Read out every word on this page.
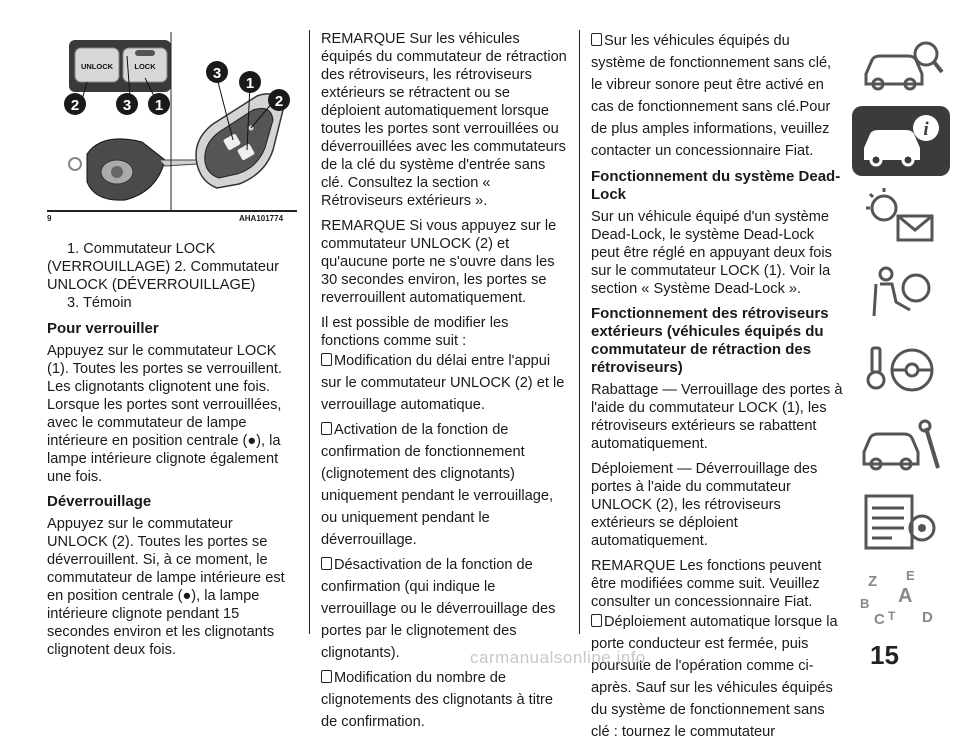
UNLOCK	LOCK
2	3 1
3
1
2
9	AHA101774

1. Commutateur LOCK
(VERROUILLAGE) 2. Commutateur
UNLOCK (DÉVERROUILLAGE)
3. Témoin

Pour verrouiller

Appuyez sur le commutateur LOCK (1). Toutes les portes se verrouillent. Les clignotants clignotent une fois. Lorsque les portes sont verrouillées, avec le commutateur de lampe intérieure en position centrale (●), la lampe intérieure clignote également une fois.

Déverrouillage

Appuyez sur le commutateur UNLOCK (2). Toutes les portes se déverrouillent. Si, à ce moment, le commutateur de lampe intérieure est en position centrale (●), la lampe intérieure clignote pendant 15 secondes environ et les clignotants clignotent deux fois.

REMARQUE Sur les véhicules équipés du commutateur de rétraction des rétroviseurs, les rétroviseurs extérieurs se rétractent ou se déploient automatiquement lorsque toutes les portes sont verrouillées ou déverrouillées avec les commutateurs de la clé du système d'entrée sans clé. Consultez la section « Rétroviseurs extérieurs ».

REMARQUE Si vous appuyez sur le commutateur UNLOCK (2) et qu'aucune porte ne s'ouvre dans les 30 secondes environ, les portes se reverrouillent automatiquement.

Il est possible de modifier les fonctions comme suit :

Modification du délai entre l'appui sur le commutateur UNLOCK (2) et le verrouillage automatique.
Activation de la fonction de confirmation de fonctionnement (clignotement des clignotants) uniquement pendant le verrouillage, ou uniquement pendant le déverrouillage.
Désactivation de la fonction de confirmation (qui indique le verrouillage ou le déverrouillage des portes par le clignotement des clignotants).
Modification du nombre de clignotements des clignotants à titre de confirmation.
Sur les véhicules équipés du système de fonctionnement sans clé, le vibreur sonore peut être activé en cas de fonctionnement sans clé.Pour de plus amples informations, veuillez contacter un concessionnaire Fiat.
Fonctionnement du système Dead-Lock

Sur un véhicule équipé d'un système Dead-Lock, le système Dead-Lock peut être réglé en appuyant deux fois sur le commutateur LOCK (1). Voir la section « Système Dead-Lock ».

Fonctionnement des rétroviseurs extérieurs (véhicules équipés du commutateur de rétraction des rétroviseurs)

Rabattage — Verrouillage des portes à l'aide du commutateur LOCK (1), les rétroviseurs extérieurs se rabattent automatiquement.

Déploiement — Déverrouillage des portes à l'aide du commutateur UNLOCK (2), les rétroviseurs extérieurs se déploient automatiquement.

REMARQUE Les fonctions peuvent être modifiées comme suit. Veuillez consulter un concessionnaire Fiat.

Déploiement automatique lorsque la porte conducteur est fermée, puis poursuite de l'opération comme ci-après. Sauf sur les véhicules équipés du système de fonctionnement sans clé : tournez le commutateur
i
Z E
A
B
C T D
carmanualsonline.info	15
